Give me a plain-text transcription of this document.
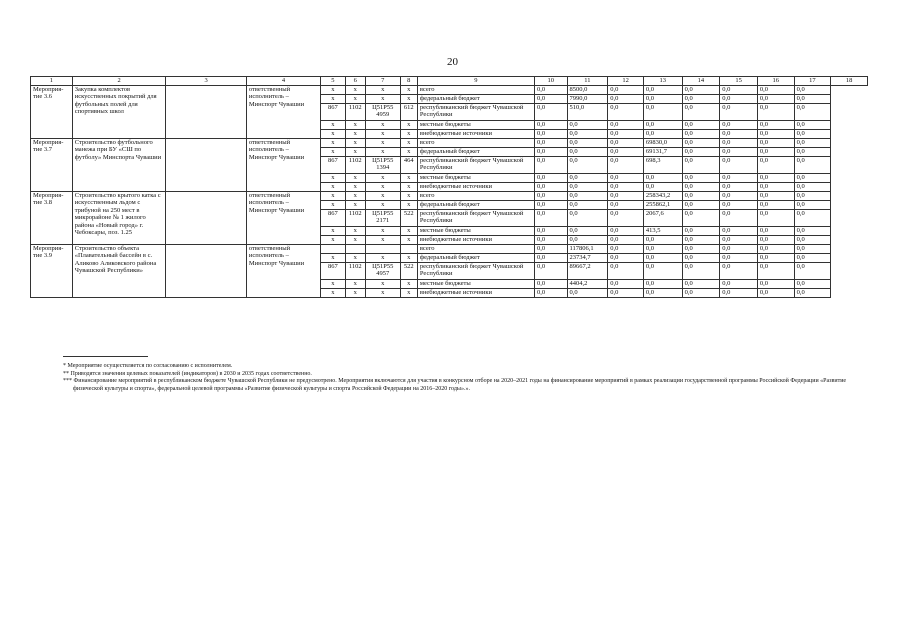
20
1	2	3	4	5	6	7	8	9	10	11	12	13	14	15	16	17	18
Мероприя-тие 3.6	Закупка комплектов искусственных покрытий для футбольных полей для спортивных школ		ответственный исполнитель – Минспорт Чувашии	x	x	x	x	всего	0,0	8500,0	0,0	0,0	0,0	0,0	0,0	0,0	
				x	x	x	x	федеральный бюджет	0,0	7990,0	0,0	0,0	0,0	0,0	0,0	0,0	
				867	1102	Ц51Р55 4959	612	республиканский бюджет Чувашской Республики	0,0	510,0	0,0	0,0	0,0	0,0	0,0	0,0	
				x	x	x	x	местные бюджеты	0,0	0,0	0,0	0,0	0,0	0,0	0,0	0,0	
				x	x	x	x	внебюджетные источники	0,0	0,0	0,0	0,0	0,0	0,0	0,0	0,0	
Мероприя-тие 3.7	Строительство футбольного манежа при БУ «СШ по футболу» Минспорта Чувашии		ответственный исполнитель – Минспорт Чувашии	x	x	x	x	всего	0,0	0,0	0,0	69830,0	0,0	0,0	0,0	0,0	
				x	x	x	x	федеральный бюджет	0,0	0,0	0,0	69131,7	0,0	0,0	0,0	0,0	
				867	1102	Ц51Р55 1394	464	республиканский бюджет Чувашской Республики	0,0	0,0	0,0	698,3	0,0	0,0	0,0	0,0	
				x	x	x	x	местные бюджеты	0,0	0,0	0,0	0,0	0,0	0,0	0,0	0,0	
				x	x	x	x	внебюджетные источники	0,0	0,0	0,0	0,0	0,0	0,0	0,0	0,0	
Мероприя-тие 3.8	Строительство крытого катка с искусственным льдом с трибуной на 250 мест в микрорайоне № 1 жилого района «Новый город» г. Чебоксары, поз. 1.25		ответственный исполнитель – Минспорт Чувашии	x	x	x	x	всего	0,0	0,0	0,0	258343,2	0,0	0,0	0,0	0,0	
				x	x	x	x	федеральный бюджет	0,0	0,0	0,0	255862,1	0,0	0,0	0,0	0,0	
				867	1102	Ц51Р55 2171	522	республиканский бюджет Чувашской Республики	0,0	0,0	0,0	2067,6	0,0	0,0	0,0	0,0	
				x	x	x	x	местные бюджеты	0,0	0,0	0,0	413,5	0,0	0,0	0,0	0,0	
				x	x	x	x	внебюджетные источники	0,0	0,0	0,0	0,0	0,0	0,0	0,0	0,0	
Мероприя-тие 3.9	Строительство объекта «Плавательный бассейн в с. Аликово Аликовского района Чувашской Республики»		ответственный исполнитель – Минспорт Чувашии					всего	0,0	117806,1	0,0	0,0	0,0	0,0	0,0	0,0	
				x	x	x	x	федеральный бюджет	0,0	23734,7	0,0	0,0	0,0	0,0	0,0	0,0	
				867	1102	Ц51Р55 4957	522	республиканский бюджет Чувашской Республики	0,0	89667,2	0,0	0,0	0,0	0,0	0,0	0,0	
				x	x	x	x	местные бюджеты	0,0	4404,2	0,0	0,0	0,0	0,0	0,0	0,0	
				x	x	x	x	внебюджетные источники	0,0	0,0	0,0	0,0	0,0	0,0	0,0	0,0	
* Мероприятие осуществляется по согласованию с исполнителем.
** Приводятся значения целевых показателей (индикаторов) в 2030 и 2035 годах соответственно.
*** Финансирование мероприятий в республиканском бюджете Чувашской Республики не предусмотрено. Мероприятия включаются для участия в конкурсном отборе на 2020–2021 годы на финансирование мероприятий в рамках реализации государственной программы Российской Федерации «Развитие физической культуры и спорта», федеральной целевой программы «Развитие физической культуры и спорта Российской Федерации на 2016–2020 годы».».
